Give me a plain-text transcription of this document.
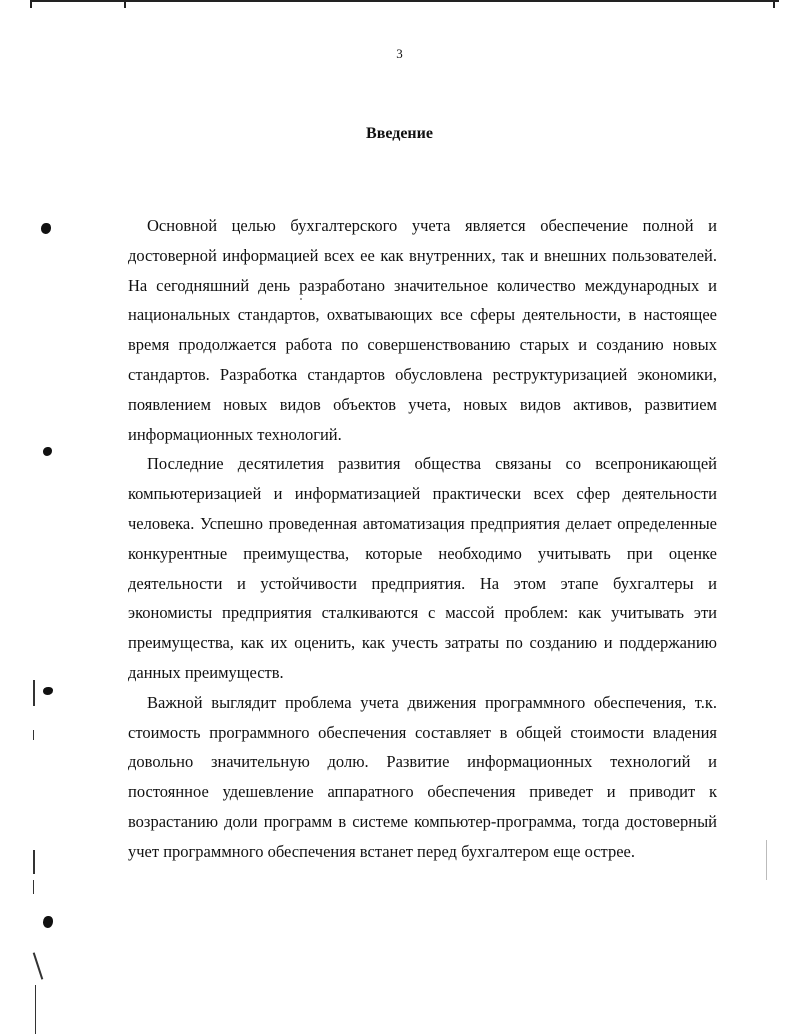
3
Введение

Основной целью бухгалтерского учета является обеспечение полной и достоверной информацией всех ее как внутренних, так и внешних пользователей. На сегодняшний день разработано значительное количество международных и национальных стандартов, охватывающих все сферы деятельности, в настоящее время продолжается работа по совершенствованию старых и созданию новых стандартов. Разработка стандартов обусловлена реструктуризацией экономики, появлением новых видов объектов учета, новых видов активов, развитием информационных технологий.

Последние десятилетия развития общества связаны со всепроникающей компьютеризацией и информатизацией практически всех сфер деятельности человека. Успешно проведенная автоматизация предприятия делает определенные конкурентные преимущества, которые необходимо учитывать при оценке деятельности и устойчивости предприятия. На этом этапе бухгалтеры и экономисты предприятия сталкиваются с массой проблем: как учитывать эти преимущества, как их оценить, как учесть затраты по созданию и поддержанию данных преимуществ.

Важной выглядит проблема учета движения программного обеспечения, т.к. стоимость программного обеспечения составляет в общей стоимости владения довольно значительную долю. Развитие информационных технологий и постоянное удешевление аппаратного обеспечения приведет и приводит к возрастанию доли программ в системе компьютер-программа, тогда достоверный учет программного обеспечения встанет перед бухгалтером еще острее.
